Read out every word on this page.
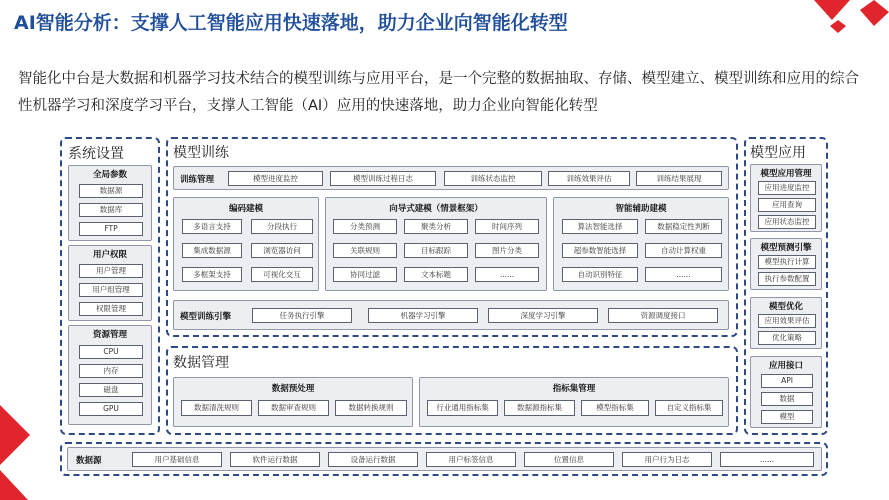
AI智能分析：支撑人工智能应用快速落地，助力企业向智能化转型
智能化中台是大数据和机器学习技术结合的模型训练与应用平台，是一个完整的数据抽取、存储、模型建立、模型训练和应用的综合性机器学习和深度学习平台，支撑人工智能（AI）应用的快速落地，助力企业向智能化转型
系统设置
全局参数
数据源
数据库
FTP
用户权限
用户管理
用户组管理
权限管理
资源管理
CPU
内存
磁盘
GPU
模型训练
训练管理	模型进度监控	模型训练过程日志	训练状态监控	训练效果评估	训练结果展现
编码建模
多语言支持	分段执行
集成数据源	浏览器访问
多框架支持	可视化交互
向导式建模（情景框架）
分类预测	聚类分析	时间序列
关联规则	目标跟踪	图片分类
协同过滤	文本标题	......
智能辅助建模
算法智能选择	数据稳定性判断
超参数智能选择	自动计算权重
自动识别特征	......
模型训练引擎	任务执行引擎	机器学习引擎	深度学习引擎	资源调度接口
数据管理
数据预处理
数据清洗规则	数据审查规则	数据转换规则
指标集管理
行业通用指标集	数据源指标集	模型指标集	自定义指标集
模型应用
模型应用管理
应用进度监控
应用查询
应用状态监控
模型预测引擎
模型执行计算
执行参数配置
模型优化
应用效果评估
优化策略
应用接口
API
数据
模型
数据源	用户基础信息	软件运行数据	设备运行数据	用户标签信息	位置信息	用户行为日志	......
